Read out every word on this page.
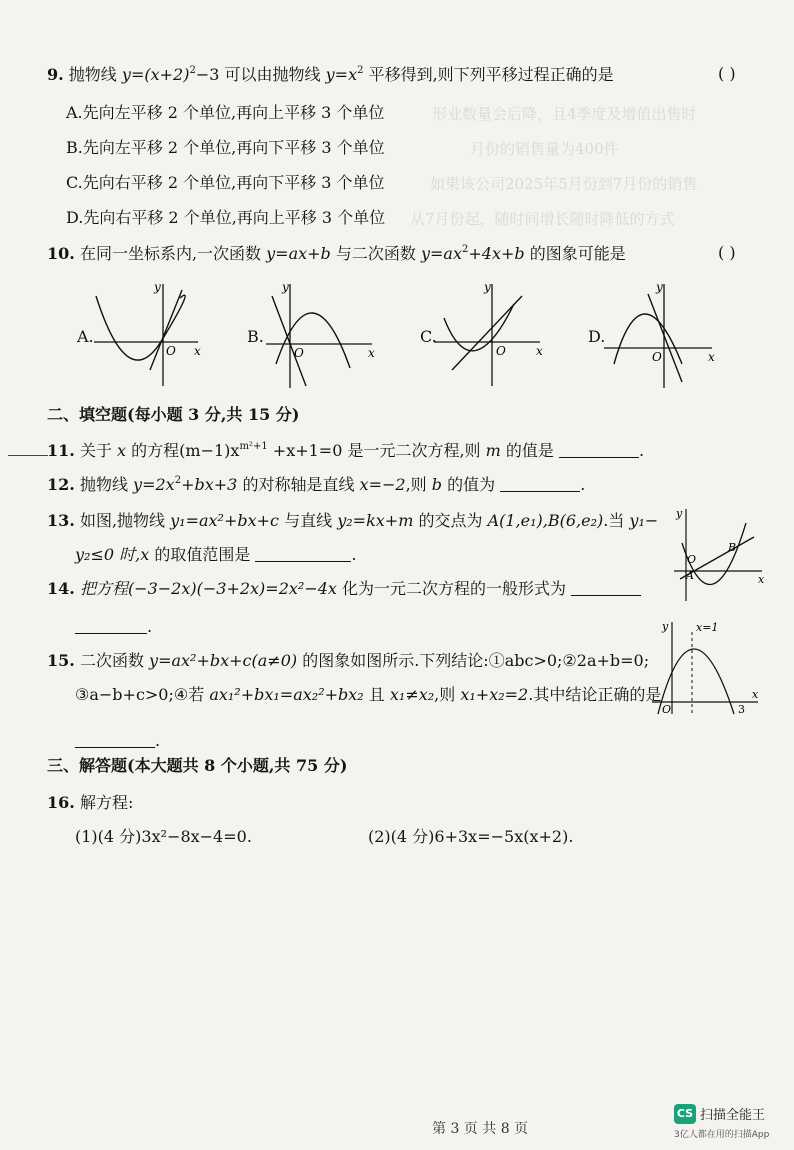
形业数量会后降，且4季度及增值出售时
月份的销售量为400件
如果该公司2025年5月份到7月份的销售
从7月份起，随时间增长随时降低的方式
9. 抛物线 $y=(x+2)^2-3$ 可以由抛物线 $y=x^2$ 平移得到,则下列平移过程正确的是	( )
A.先向左平移 2 个单位,再向上平移 3 个单位
B.先向左平移 2 个单位,再向下平移 3 个单位
C.先向右平移 2 个单位,再向下平移 3 个单位
D.先向右平移 2 个单位,再向上平移 3 个单位
10. 在同一坐标系内,一次函数 y=ax+b 与二次函数 $y=ax^2+4x+b$ 的图象可能是	( )
A.
y
x
O
B.
y
x
O
C.
y
x
O
D.
y
x
O
二、填空题(每小题 3 分,共 15 分)
11. 关于 x 的方程$(m-1)x^{m^2+1} +x+1=0$ 是一元二次方程,则 m 的值是	.
12. 抛物线 $y=2x^2+bx+3$ 的对称轴是直线 x=−2,则 b 的值为	.
13. 如图,抛物线 y₁=ax²+bx+c 与直线 y₂=kx+m 的交点为 A(1,e₁),B(6,e₂).当 y₁−
y₂≤0 时,x 的取值范围是	.
y
x
O
A
B
14. 把方程(−3−2x)(−3+2x)=2x²−4x 化为一元二次方程的一般形式为
.
15. 二次函数 y=ax²+bx+c(a≠0) 的图象如图所示.下列结论:①abc>0;②2a+b=0;
③a−b+c>0;④若 ax₁²+bx₁=ax₂²+bx₂ 且 x₁≠x₂,则 x₁+x₂=2.其中结论正确的是
.
y
x
O
x=1
3
三、解答题(本大题共 8 个小题,共 75 分)
16. 解方程:
(1)(4 分)3x²−8x−4=0.	(2)(4 分)6+3x=−5x(x+2).
第 3 页 共 8 页
CS 扫描全能王
3亿人都在用的扫描App
